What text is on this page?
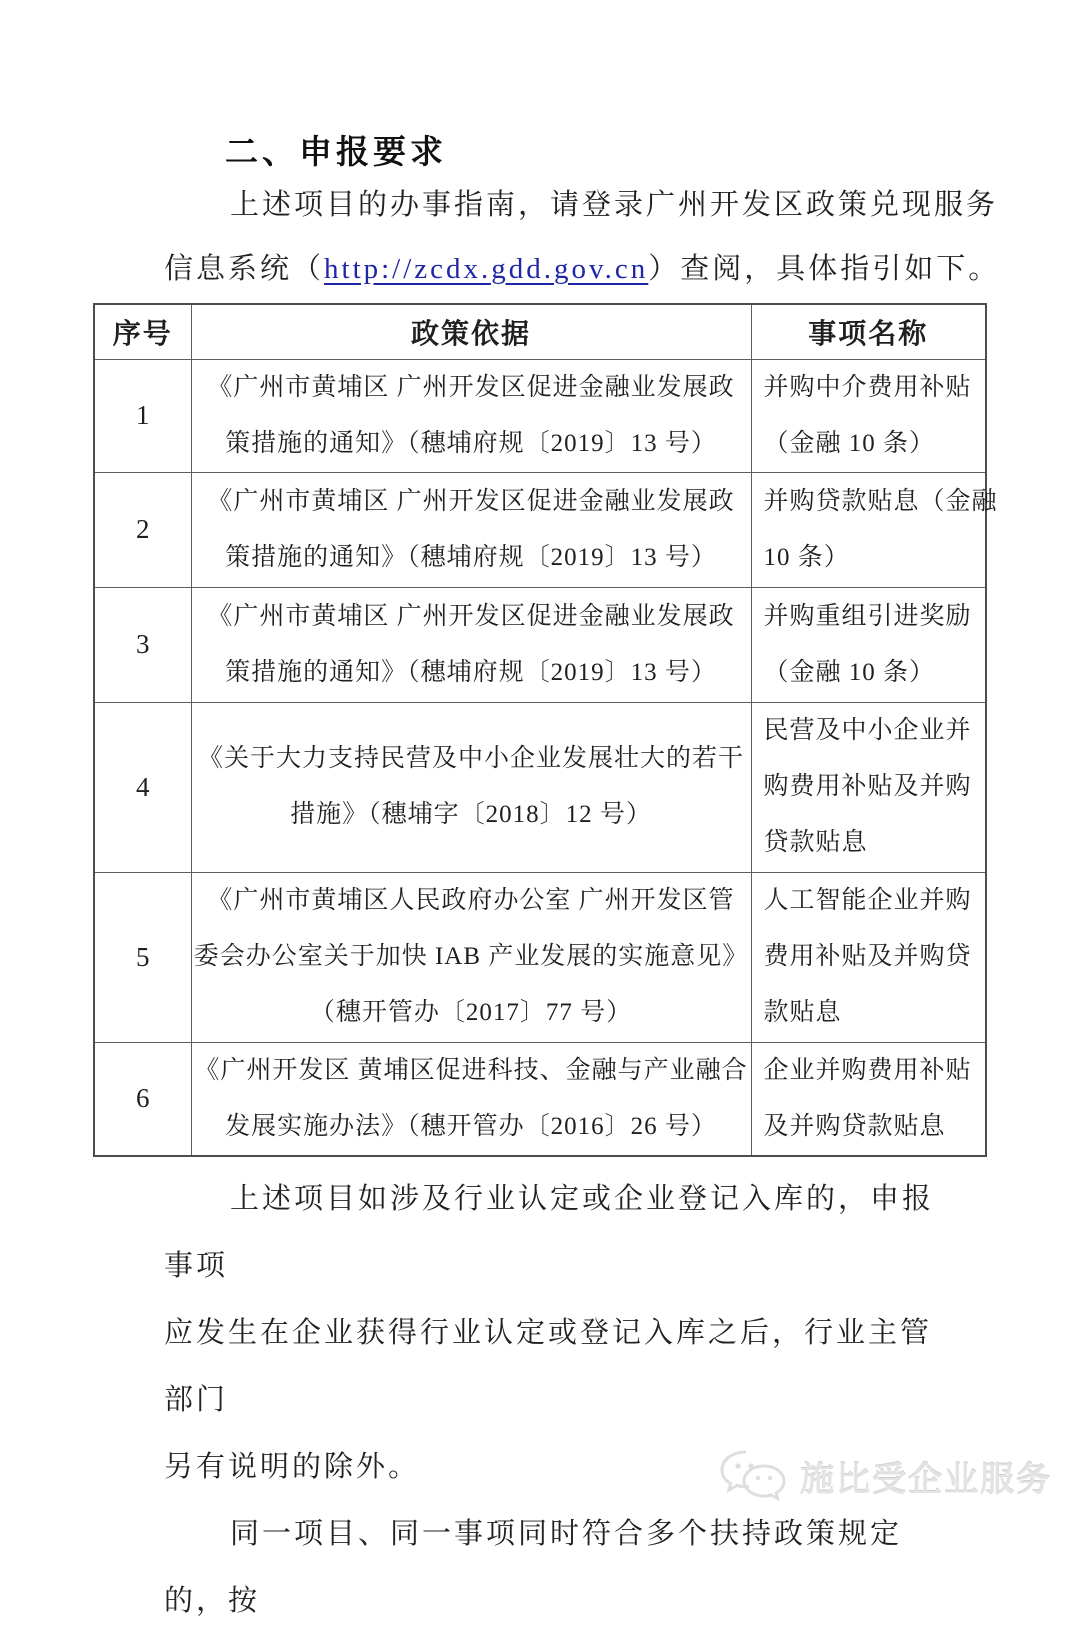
二、申报要求

上述项目的办事指南，请登录广州开发区政策兑现服务

信息系统（http://zcdx.gdd.gov.cn）查阅，具体指引如下。

序号	政策依据	事项名称
1	《广州市黄埔区 广州开发区促进金融业发展政
策措施的通知》（穗埔府规〔2019〕13 号）	并购中介费用补贴
（金融 10 条）
2	《广州市黄埔区 广州开发区促进金融业发展政
策措施的通知》（穗埔府规〔2019〕13 号）	并购贷款贴息（金融
10 条）
3	《广州市黄埔区 广州开发区促进金融业发展政
策措施的通知》（穗埔府规〔2019〕13 号）	并购重组引进奖励
（金融 10 条）
4	《关于大力支持民营及中小企业发展壮大的若干
措施》（穗埔字〔2018〕12 号）	民营及中小企业并
购费用补贴及并购
贷款贴息
5	《广州市黄埔区人民政府办公室 广州开发区管
委会办公室关于加快 IAB 产业发展的实施意见》
（穗开管办〔2017〕77 号）	人工智能企业并购
费用补贴及并购贷
款贴息
6	《广州开发区 黄埔区促进科技、金融与产业融合
发展实施办法》（穗开管办〔2016〕26 号）	企业并购费用补贴
及并购贷款贴息

上述项目如涉及行业认定或企业登记入库的，申报事项
应发生在企业获得行业认定或登记入库之后，行业主管部门
另有说明的除外。

同一项目、同一事项同时符合多个扶持政策规定的，按

施比受企业服务
